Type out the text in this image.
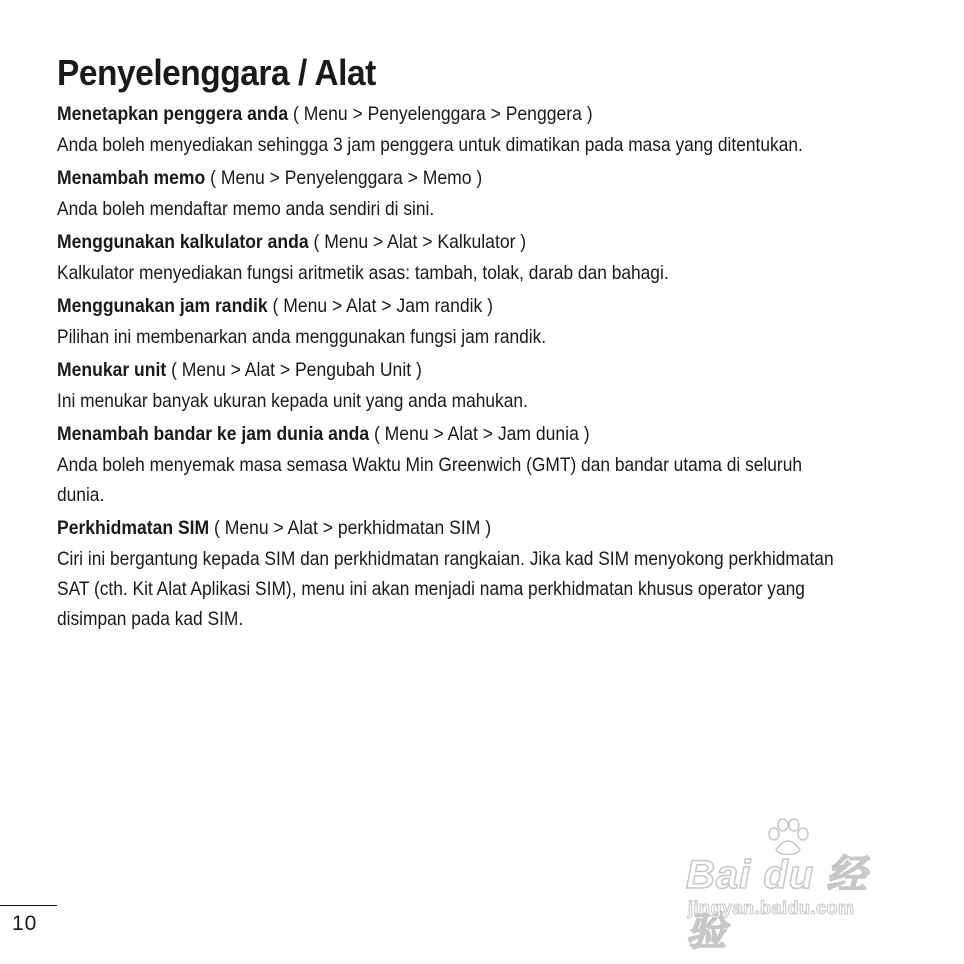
Penyelenggara / Alat
Menetapkan penggera anda ( Menu > Penyelenggara > Penggera )
Anda boleh menyediakan sehingga 3 jam penggera untuk dimatikan pada masa yang ditentukan.
Menambah memo ( Menu > Penyelenggara > Memo )
Anda boleh mendaftar memo anda sendiri di sini.
Menggunakan kalkulator anda ( Menu > Alat > Kalkulator )
Kalkulator menyediakan fungsi aritmetik asas: tambah, tolak, darab dan bahagi.
Menggunakan jam randik ( Menu > Alat > Jam randik )
Pilihan ini membenarkan anda menggunakan fungsi jam randik.
Menukar unit ( Menu > Alat > Pengubah Unit )
Ini menukar banyak ukuran kepada unit yang anda mahukan.
Menambah bandar ke jam dunia anda ( Menu > Alat > Jam dunia )
Anda boleh menyemak masa semasa Waktu Min Greenwich (GMT) dan bandar utama di seluruh dunia.
Perkhidmatan SIM ( Menu > Alat > perkhidmatan SIM )
Ciri ini bergantung kepada SIM dan perkhidmatan rangkaian. Jika kad SIM menyokong perkhidmatan SAT (cth. Kit Alat Aplikasi SIM), menu ini akan menjadi nama perkhidmatan khusus operator yang disimpan pada kad SIM.
Bai du 经验
jingyan.baidu.com
10
